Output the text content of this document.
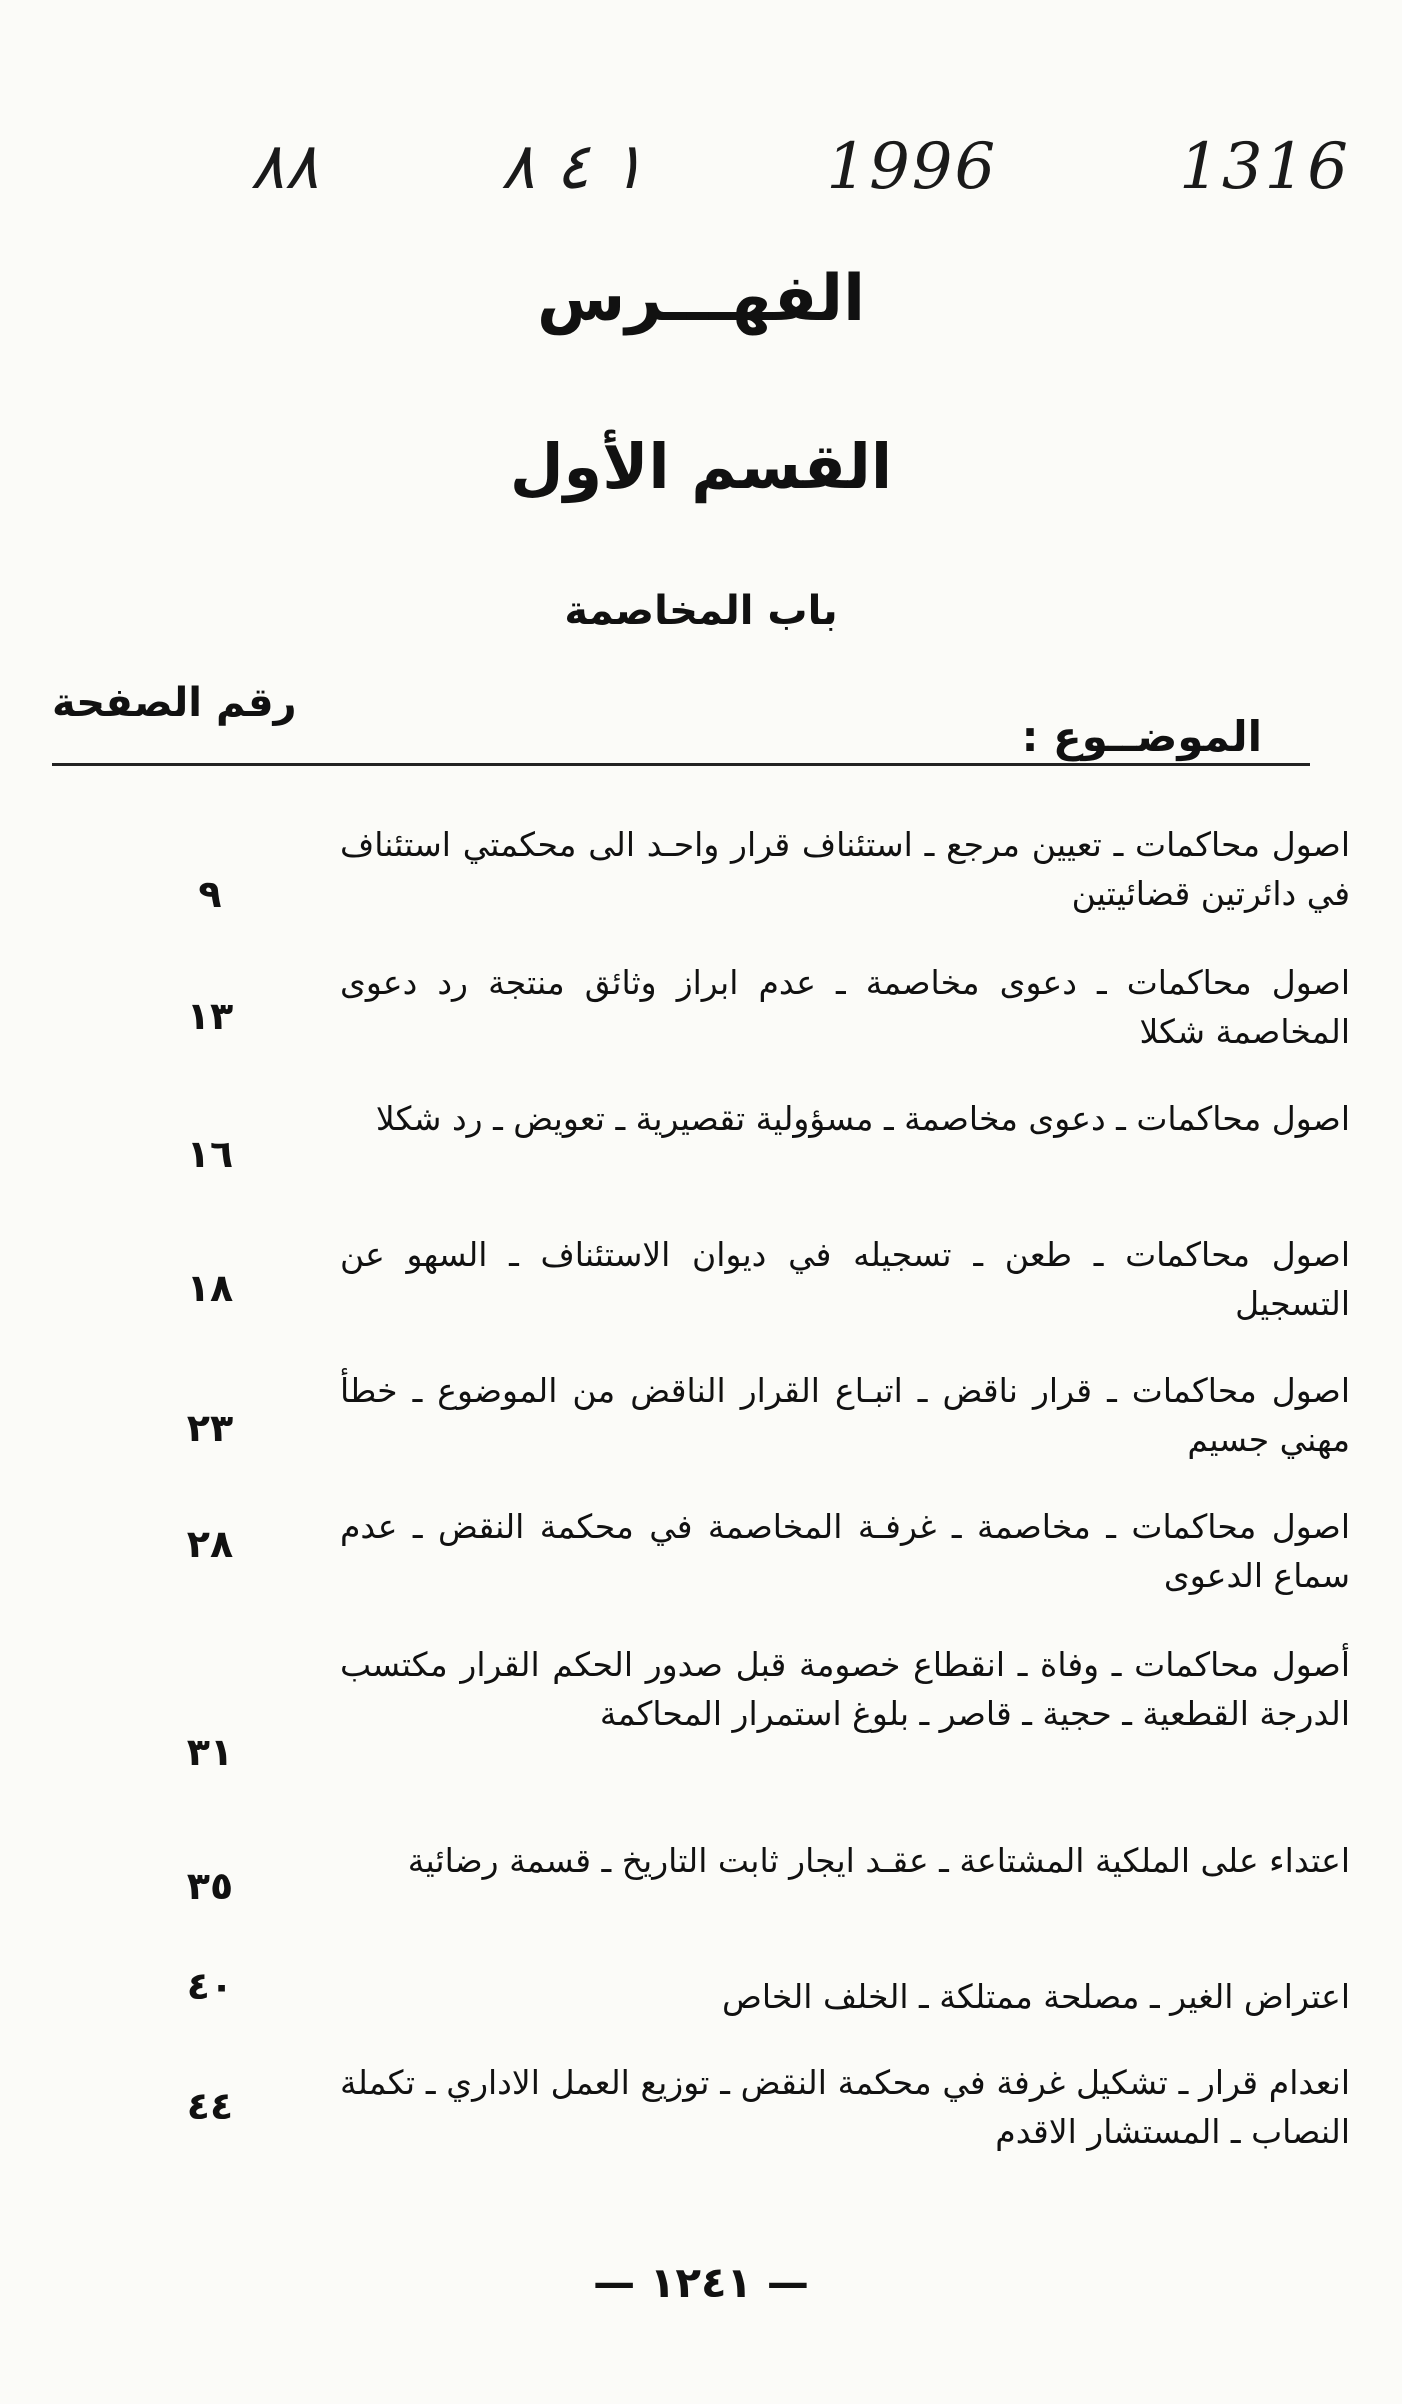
٨٨	١ ٤ ٨	1996	1316
الفهـــرس
القسم الأول
باب المخاصمة
الموضــوع :
رقم الصفحة
اصول محاكمات ـ تعيين مرجع ـ استئناف قرار واحـد الى محكمتي استئناف في دائرتين قضائيتين
٩
اصول محاكمات ـ دعوى مخاصمة ـ عدم ابراز وثائق منتجة رد دعوى المخاصمة شكلا
١٣
اصول محاكمات ـ دعوى مخاصمة ـ مسؤولية تقصيرية ـ تعويض ـ رد شكلا
١٦
اصول محاكمات ـ طعن ـ تسجيله في ديوان الاستئناف ـ السهو عن التسجيل
١٨
اصول محاكمات ـ قرار ناقض ـ اتبـاع القرار الناقض من الموضوع ـ خطأ مهني جسيم
٢٣
اصول محاكمات ـ مخاصمة ـ غرفـة المخاصمة في محكمة النقض ـ عدم سماع الدعوى
٢٨
أصول محاكمات ـ وفاة ـ انقطاع خصومة قبل صدور الحكم القرار مكتسب الدرجة القطعية ـ حجية ـ قاصر ـ بلوغ استمرار المحاكمة
٣١
اعتداء على الملكية المشتاعة ـ عقـد ايجار ثابت التاريخ ـ قسمة رضائية
٣٥
اعتراض الغير ـ مصلحة ممتلكة ـ الخلف الخاص
٤٠
انعدام قرار ـ تشكيل غرفة في محكمة النقض ـ توزيع العمل الاداري ـ تكملة النصاب ـ المستشار الاقدم
٤٤
— ١٢٤١ —
